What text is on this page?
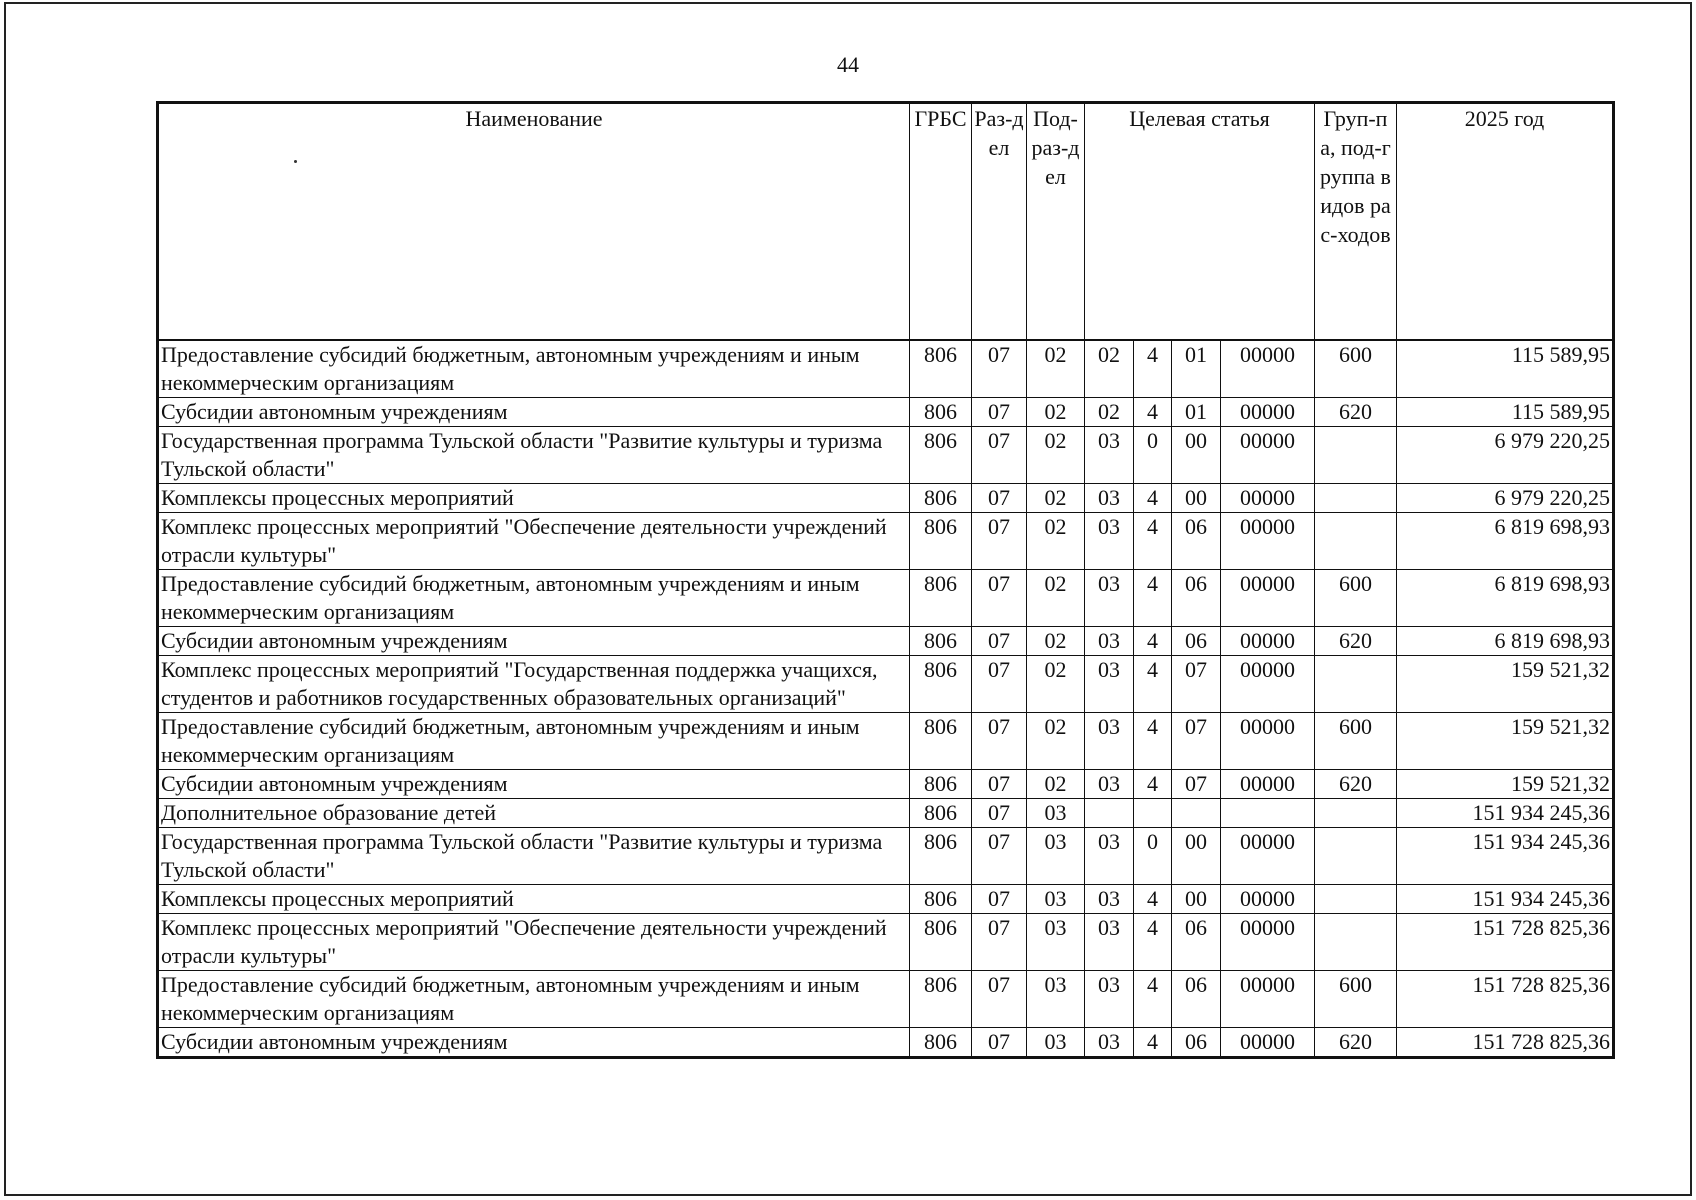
44
Наименование	ГРБС	Раз-дел	Под-раз-дел	Целевая статья				Груп-па, под-группа видов рас-ходов	2025 год
Предоставление субсидий бюджетным, автономным учреждениям и иным некоммерческим организациям	806	07	02	02	4	01	00000	600	115 589,95
Субсидии автономным учреждениям	806	07	02	02	4	01	00000	620	115 589,95
Государственная программа Тульской области "Развитие культуры и туризма Тульской области"	806	07	02	03	0	00	00000		6 979 220,25
Комплексы процессных мероприятий	806	07	02	03	4	00	00000		6 979 220,25
Комплекс процессных мероприятий "Обеспечение деятельности учреждений отрасли культуры"	806	07	02	03	4	06	00000		6 819 698,93
Предоставление субсидий бюджетным, автономным учреждениям и иным некоммерческим организациям	806	07	02	03	4	06	00000	600	6 819 698,93
Субсидии автономным учреждениям	806	07	02	03	4	06	00000	620	6 819 698,93
Комплекс процессных мероприятий "Государственная поддержка учащихся, студентов и работников государственных образовательных организаций"	806	07	02	03	4	07	00000		159 521,32
Предоставление субсидий бюджетным, автономным учреждениям и иным некоммерческим организациям	806	07	02	03	4	07	00000	600	159 521,32
Субсидии автономным учреждениям	806	07	02	03	4	07	00000	620	159 521,32
Дополнительное образование детей	806	07	03						151 934 245,36
Государственная программа Тульской области "Развитие культуры и туризма Тульской области"	806	07	03	03	0	00	00000		151 934 245,36
Комплексы процессных мероприятий	806	07	03	03	4	00	00000		151 934 245,36
Комплекс процессных мероприятий "Обеспечение деятельности учреждений отрасли культуры"	806	07	03	03	4	06	00000		151 728 825,36
Предоставление субсидий бюджетным, автономным учреждениям и иным некоммерческим организациям	806	07	03	03	4	06	00000	600	151 728 825,36
Субсидии автономным учреждениям	806	07	03	03	4	06	00000	620	151 728 825,36
